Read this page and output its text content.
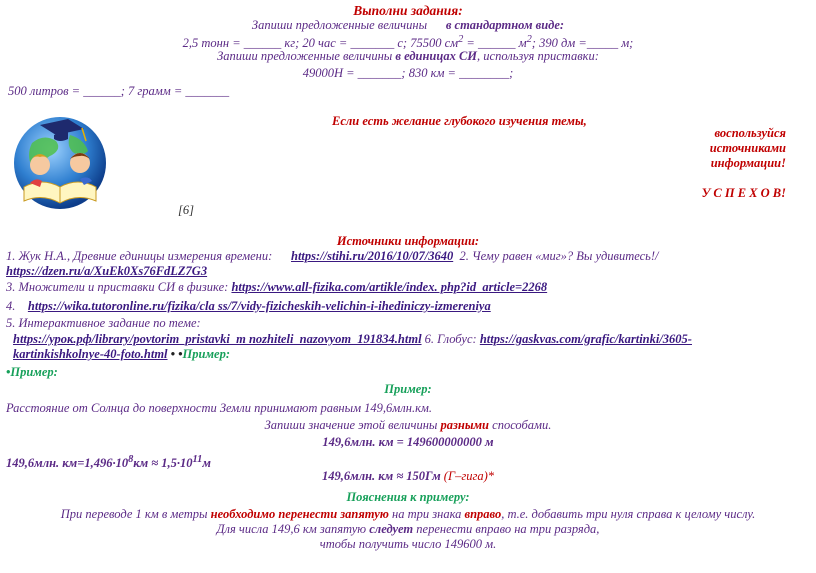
Выполни задания:
Запиши предложенные величины в стандартном виде:
2,5 тонн = ______ кг; 20 час = _______ с; 75500 $см^2$ = ______ $м^2$; 390 дм =_____ м;
Запиши предложенные величины в единицах СИ, используя приставки:
49000Н = _______; 830 км = ________;
500 литров = ______; 7 грамм = _______
Если есть желание глубокого изучения темы,
воспользуйся
источниками
информации!
У С П Е Х О В!
[6]
Источники информации:
1. Жук Н.А., Древние единицы измерения времени: https://stihi.ru/2016/10/07/3640 2. Чему равен «миг»? Вы удивитесь!/
https://dzen.ru/a/XuEk0Xs76FdLZ7G3
3. Множители и приставки СИ в физике: https://www.all-fizika.com/artikle/index. php?id_article=2268
4. https://wika.tutoronline.ru/fizika/cla ss/7/vidy-fizicheskih-velichin-i-ihediniczy-izmereniya
5. Интерактивное задание по теме:
https://урок.рф/library/povtorim_pristavki_m nozhiteli_nazovyom_191834.html 6. Глобус: https://gaskvas.com/grafic/kartinki/3605-
kartinkishkolnye-40-foto.html • •Пример:
•Пример:
Пример:
Расстояние от Солнца до поверхности Земли принимают равным 149,6млн.км.
Запиши значение этой величины разными способами.
149,6млн. км = 149600000000 м
149,6млн. $км=1,496\cdot 10^8км \approx 1,5\cdot 10^{11}м$
149,6млн. км ≈ 150Гм (Г–гига)*
Пояснения к примеру:
При переводе 1 км в метры необходимо перенести запятую на три знака вправо, т.е. добавить три нуля справа к целому числу.
Для числа 149,6 км запятую следует перенести вправо на три разряда,
чтобы получить число 149600 м.
